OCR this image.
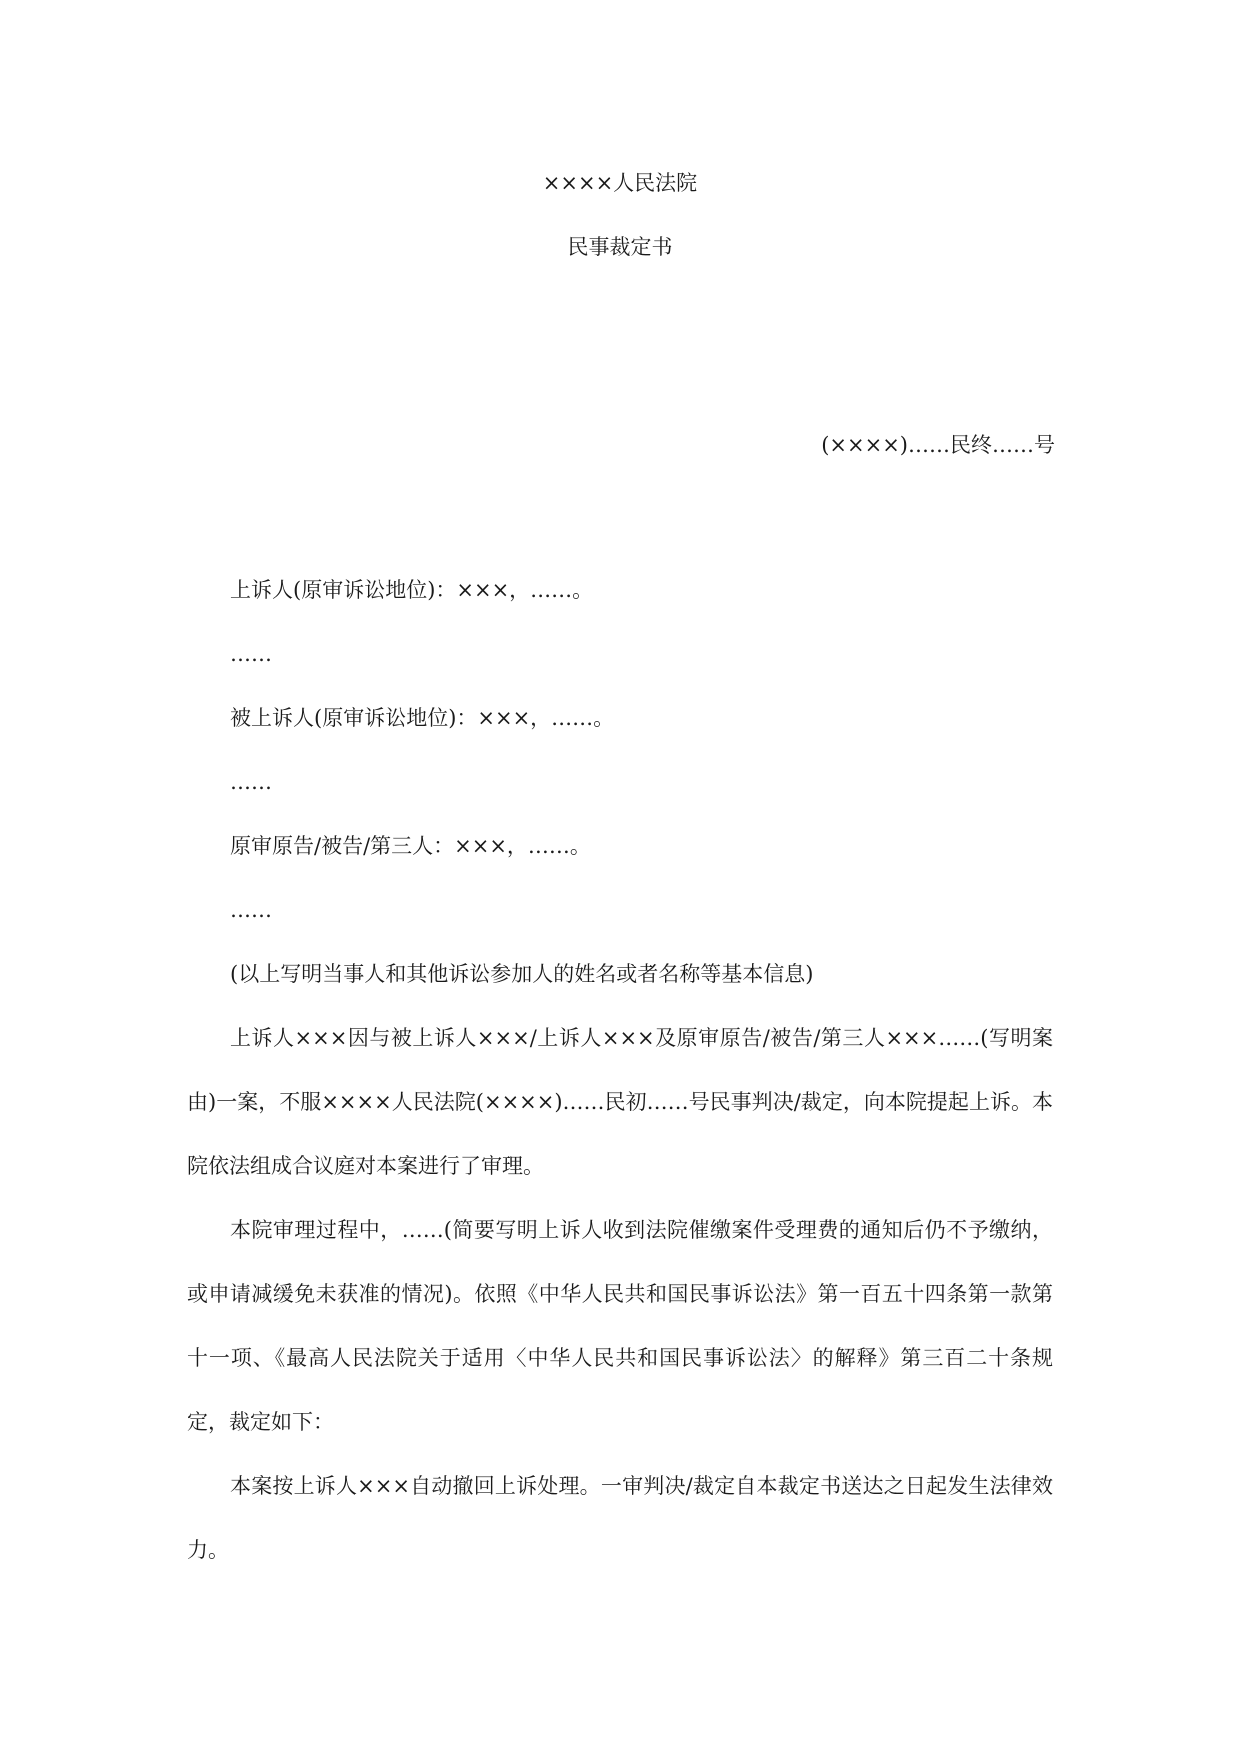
××××人民法院
民事裁定书
(××××)……民终……号

上诉人(原审诉讼地位)：×××，……。

……

被上诉人(原审诉讼地位)：×××，……。

……

原审原告/被告/第三人：×××，……。

……

(以上写明当事人和其他诉讼参加人的姓名或者名称等基本信息)

上诉人×××因与被上诉人×××/上诉人×××及原审原告/被告/第三人×××……(写明案由)一案，不服××××人民法院(××××)……民初……号民事判决/裁定，向本院提起上诉。本院依法组成合议庭对本案进行了审理。

本院审理过程中，……(简要写明上诉人收到法院催缴案件受理费的通知后仍不予缴纳，或申请减缓免未获准的情况)。依照《中华人民共和国民事诉讼法》第一百五十四条第一款第十一项、《最高人民法院关于适用〈中华人民共和国民事诉讼法〉的解释》第三百二十条规定，裁定如下：

本案按上诉人×××自动撤回上诉处理。一审判决/裁定自本裁定书送达之日起发生法律效力。
